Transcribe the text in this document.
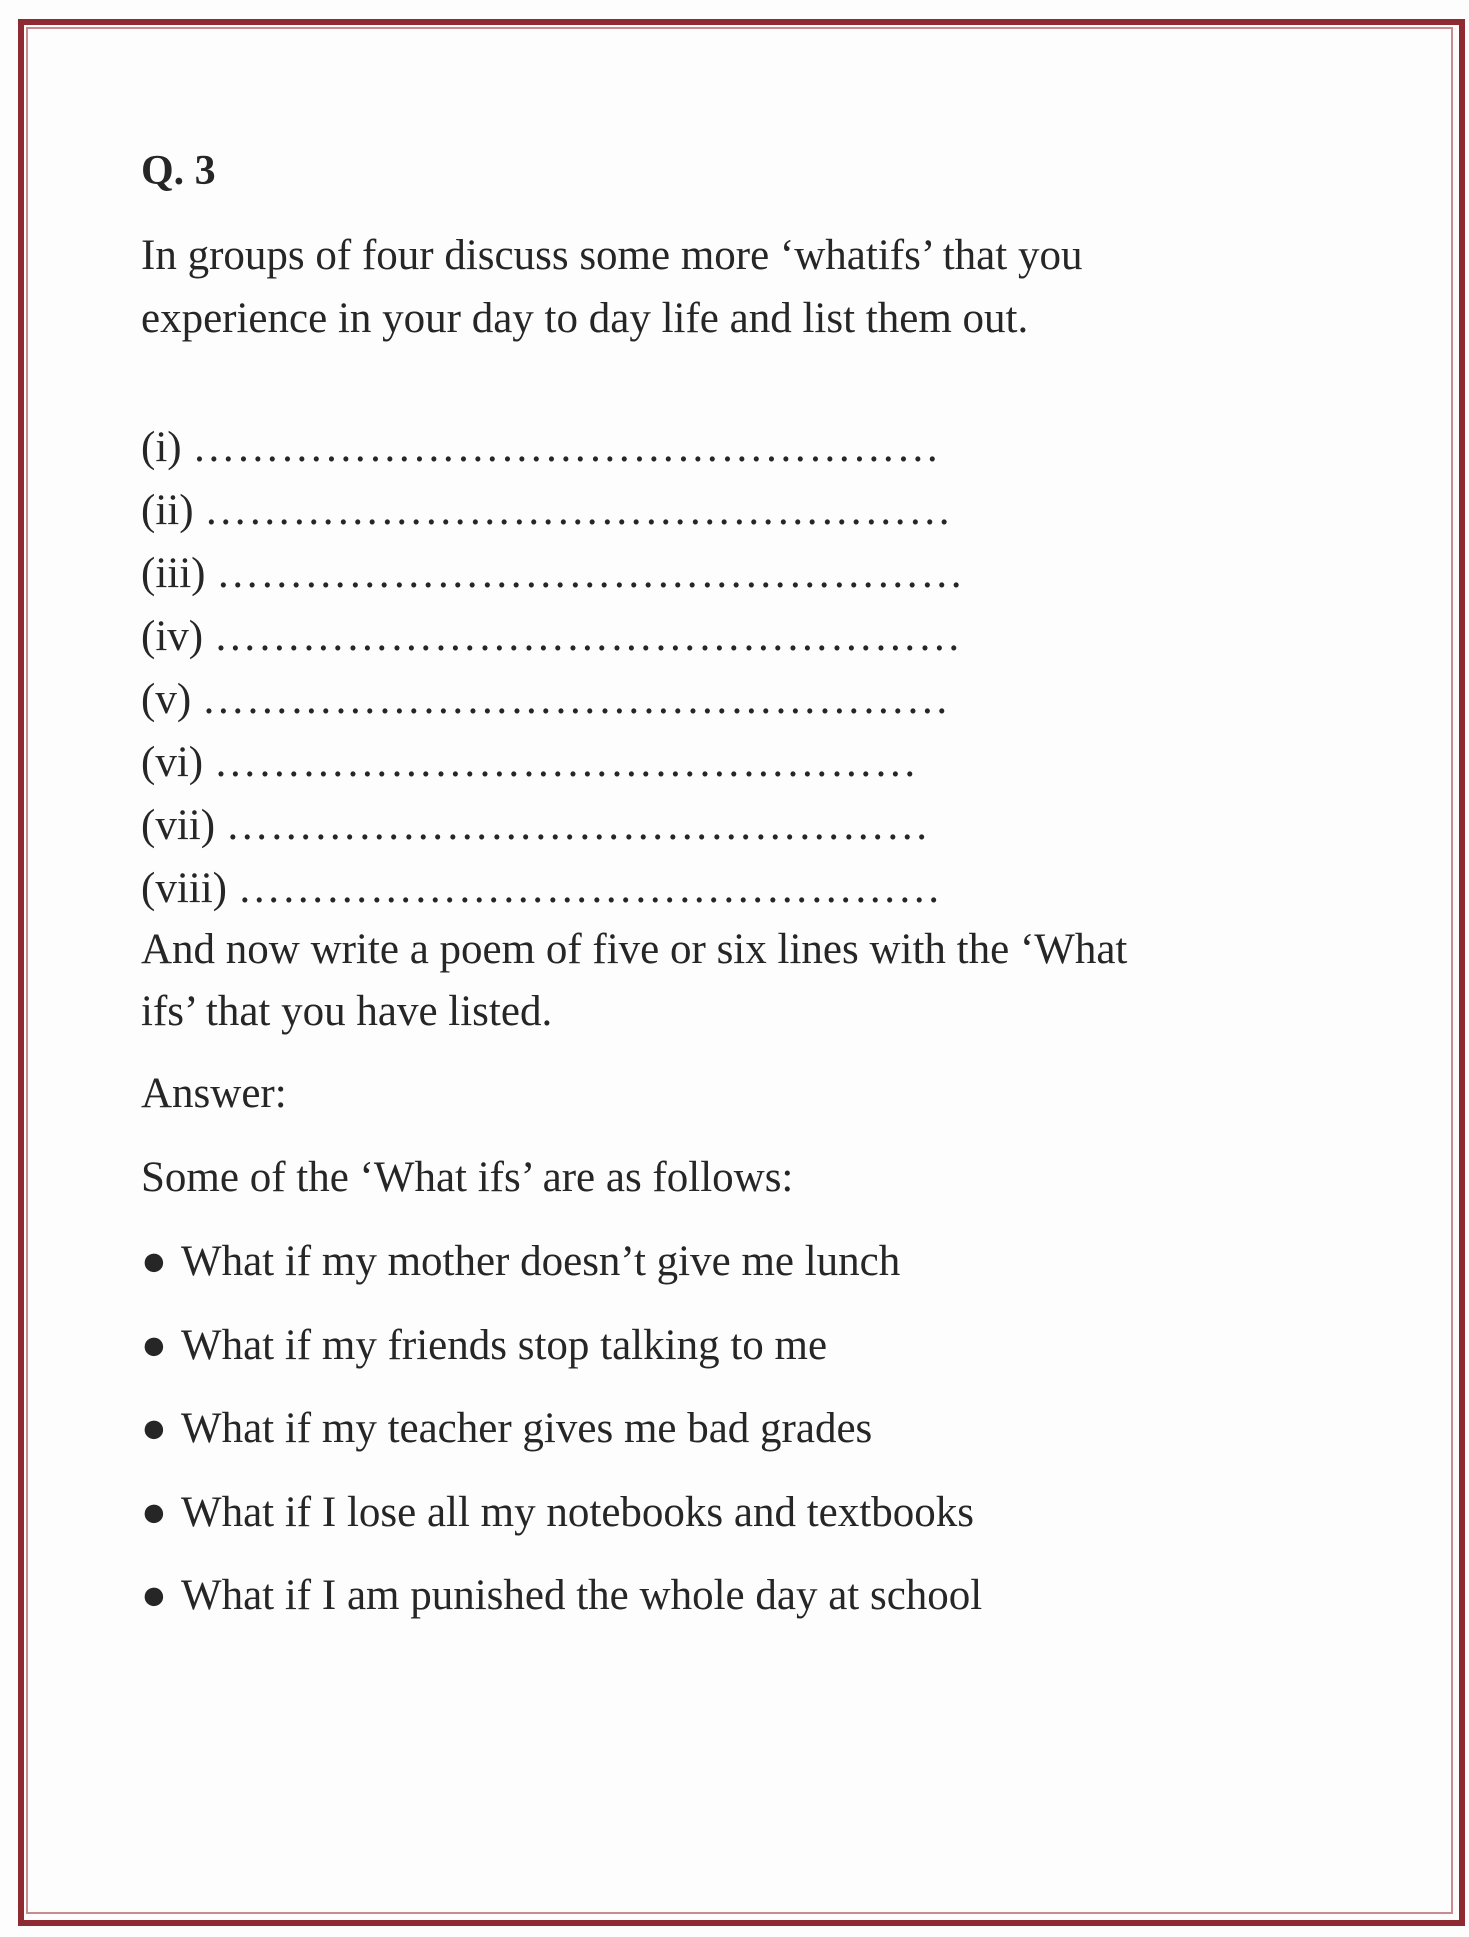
Q. 3
In groups of four discuss some more ‘whatifs’ that you
experience in your day to day life and list them out.
(i) ……………………………………………
(ii) ……………………………………………
(iii) ……………………………………………
(iv) ……………………………………………
(v) ……………………………………………
(vi) …………………………………………
(vii) …………………………………………
(viii) …………………………………………
And now write a poem of five or six lines with the ‘What
ifs’ that you have listed.
Answer:
Some of the ‘What ifs’ are as follows:
● What if my mother doesn’t give me lunch
● What if my friends stop talking to me
● What if my teacher gives me bad grades
● What if I lose all my notebooks and textbooks
● What if I am punished the whole day at school
